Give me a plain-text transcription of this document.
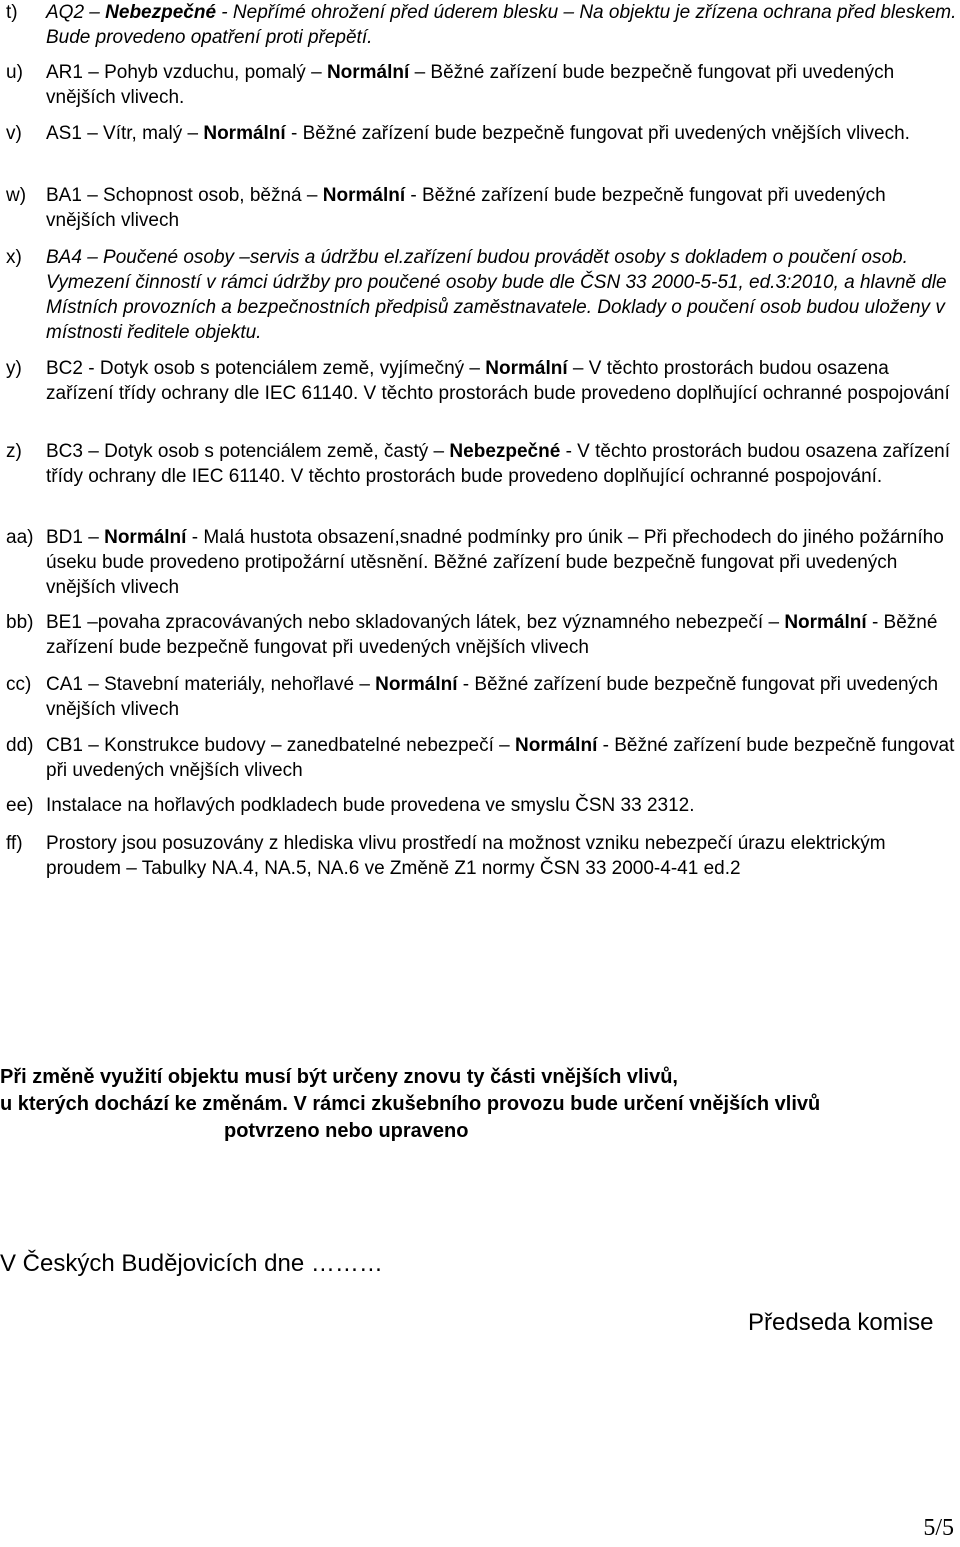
t) AQ2 – Nebezpečné - Nepřímé ohrožení před úderem blesku – Na objektu je zřízena ochrana před bleskem. Bude provedeno opatření proti přepětí.
u) AR1 – Pohyb vzduchu, pomalý – Normální – Běžné zařízení bude bezpečně fungovat při uvedených vnějších vlivech.
v) AS1 – Vítr, malý – Normální - Běžné zařízení bude bezpečně fungovat při uvedených vnějších vlivech.
w) BA1 – Schopnost osob, běžná – Normální - Běžné zařízení bude bezpečně fungovat při uvedených vnějších vlivech
x) BA4 – Poučené osoby –servis a údržbu el.zařízení budou provádět osoby s dokladem o poučení osob. Vymezení činností v rámci údržby pro poučené osoby bude dle ČSN 33 2000-5-51, ed.3:2010, a hlavně dle Místních provozních a bezpečnostních předpisů zaměstnavatele. Doklady o poučení osob budou uloženy v místnosti ředitele objektu.
y) BC2 - Dotyk osob s potenciálem země, vyjímečný – Normální – V těchto prostorách budou osazena zařízení třídy ochrany dle IEC 61140. V těchto prostorách bude provedeno doplňující ochranné pospojování
z) BC3 – Dotyk osob s potenciálem země, častý – Nebezpečné - V těchto prostorách budou osazena zařízení třídy ochrany dle IEC 61140. V těchto prostorách bude provedeno doplňující ochranné pospojování.
aa) BD1 – Normální - Malá hustota obsazení,snadné podmínky pro únik – Při přechodech do jiného požárního úseku bude provedeno protipožární utěsnění. Běžné zařízení bude bezpečně fungovat při uvedených vnějších vlivech
bb) BE1 –povaha zpracovávaných nebo skladovaných látek, bez významného nebezpečí – Normální - Běžné zařízení bude bezpečně fungovat při uvedených vnějších vlivech
cc) CA1 – Stavební materiály, nehořlavé – Normální - Běžné zařízení bude bezpečně fungovat při uvedených vnějších vlivech
dd) CB1 – Konstrukce budovy – zanedbatelné nebezpečí – Normální - Běžné zařízení bude bezpečně fungovat při uvedených vnějších vlivech
ee) Instalace na hořlavých podkladech bude provedena ve smyslu ČSN 33 2312.
ff) Prostory jsou posuzovány z hlediska vlivu prostředí na možnost vzniku nebezpečí úrazu elektrickým proudem – Tabulky NA.4, NA.5, NA.6 ve Změně Z1 normy ČSN 33 2000-4-41 ed.2
Při změně využití objektu musí být určeny znovu ty části vnějších vlivů,
u kterých dochází ke změnám. V rámci zkušebního provozu bude určení vnějších vlivů
potvrzeno nebo upraveno
V Českých Budějovicích dne ………
Předseda komise
5/5
